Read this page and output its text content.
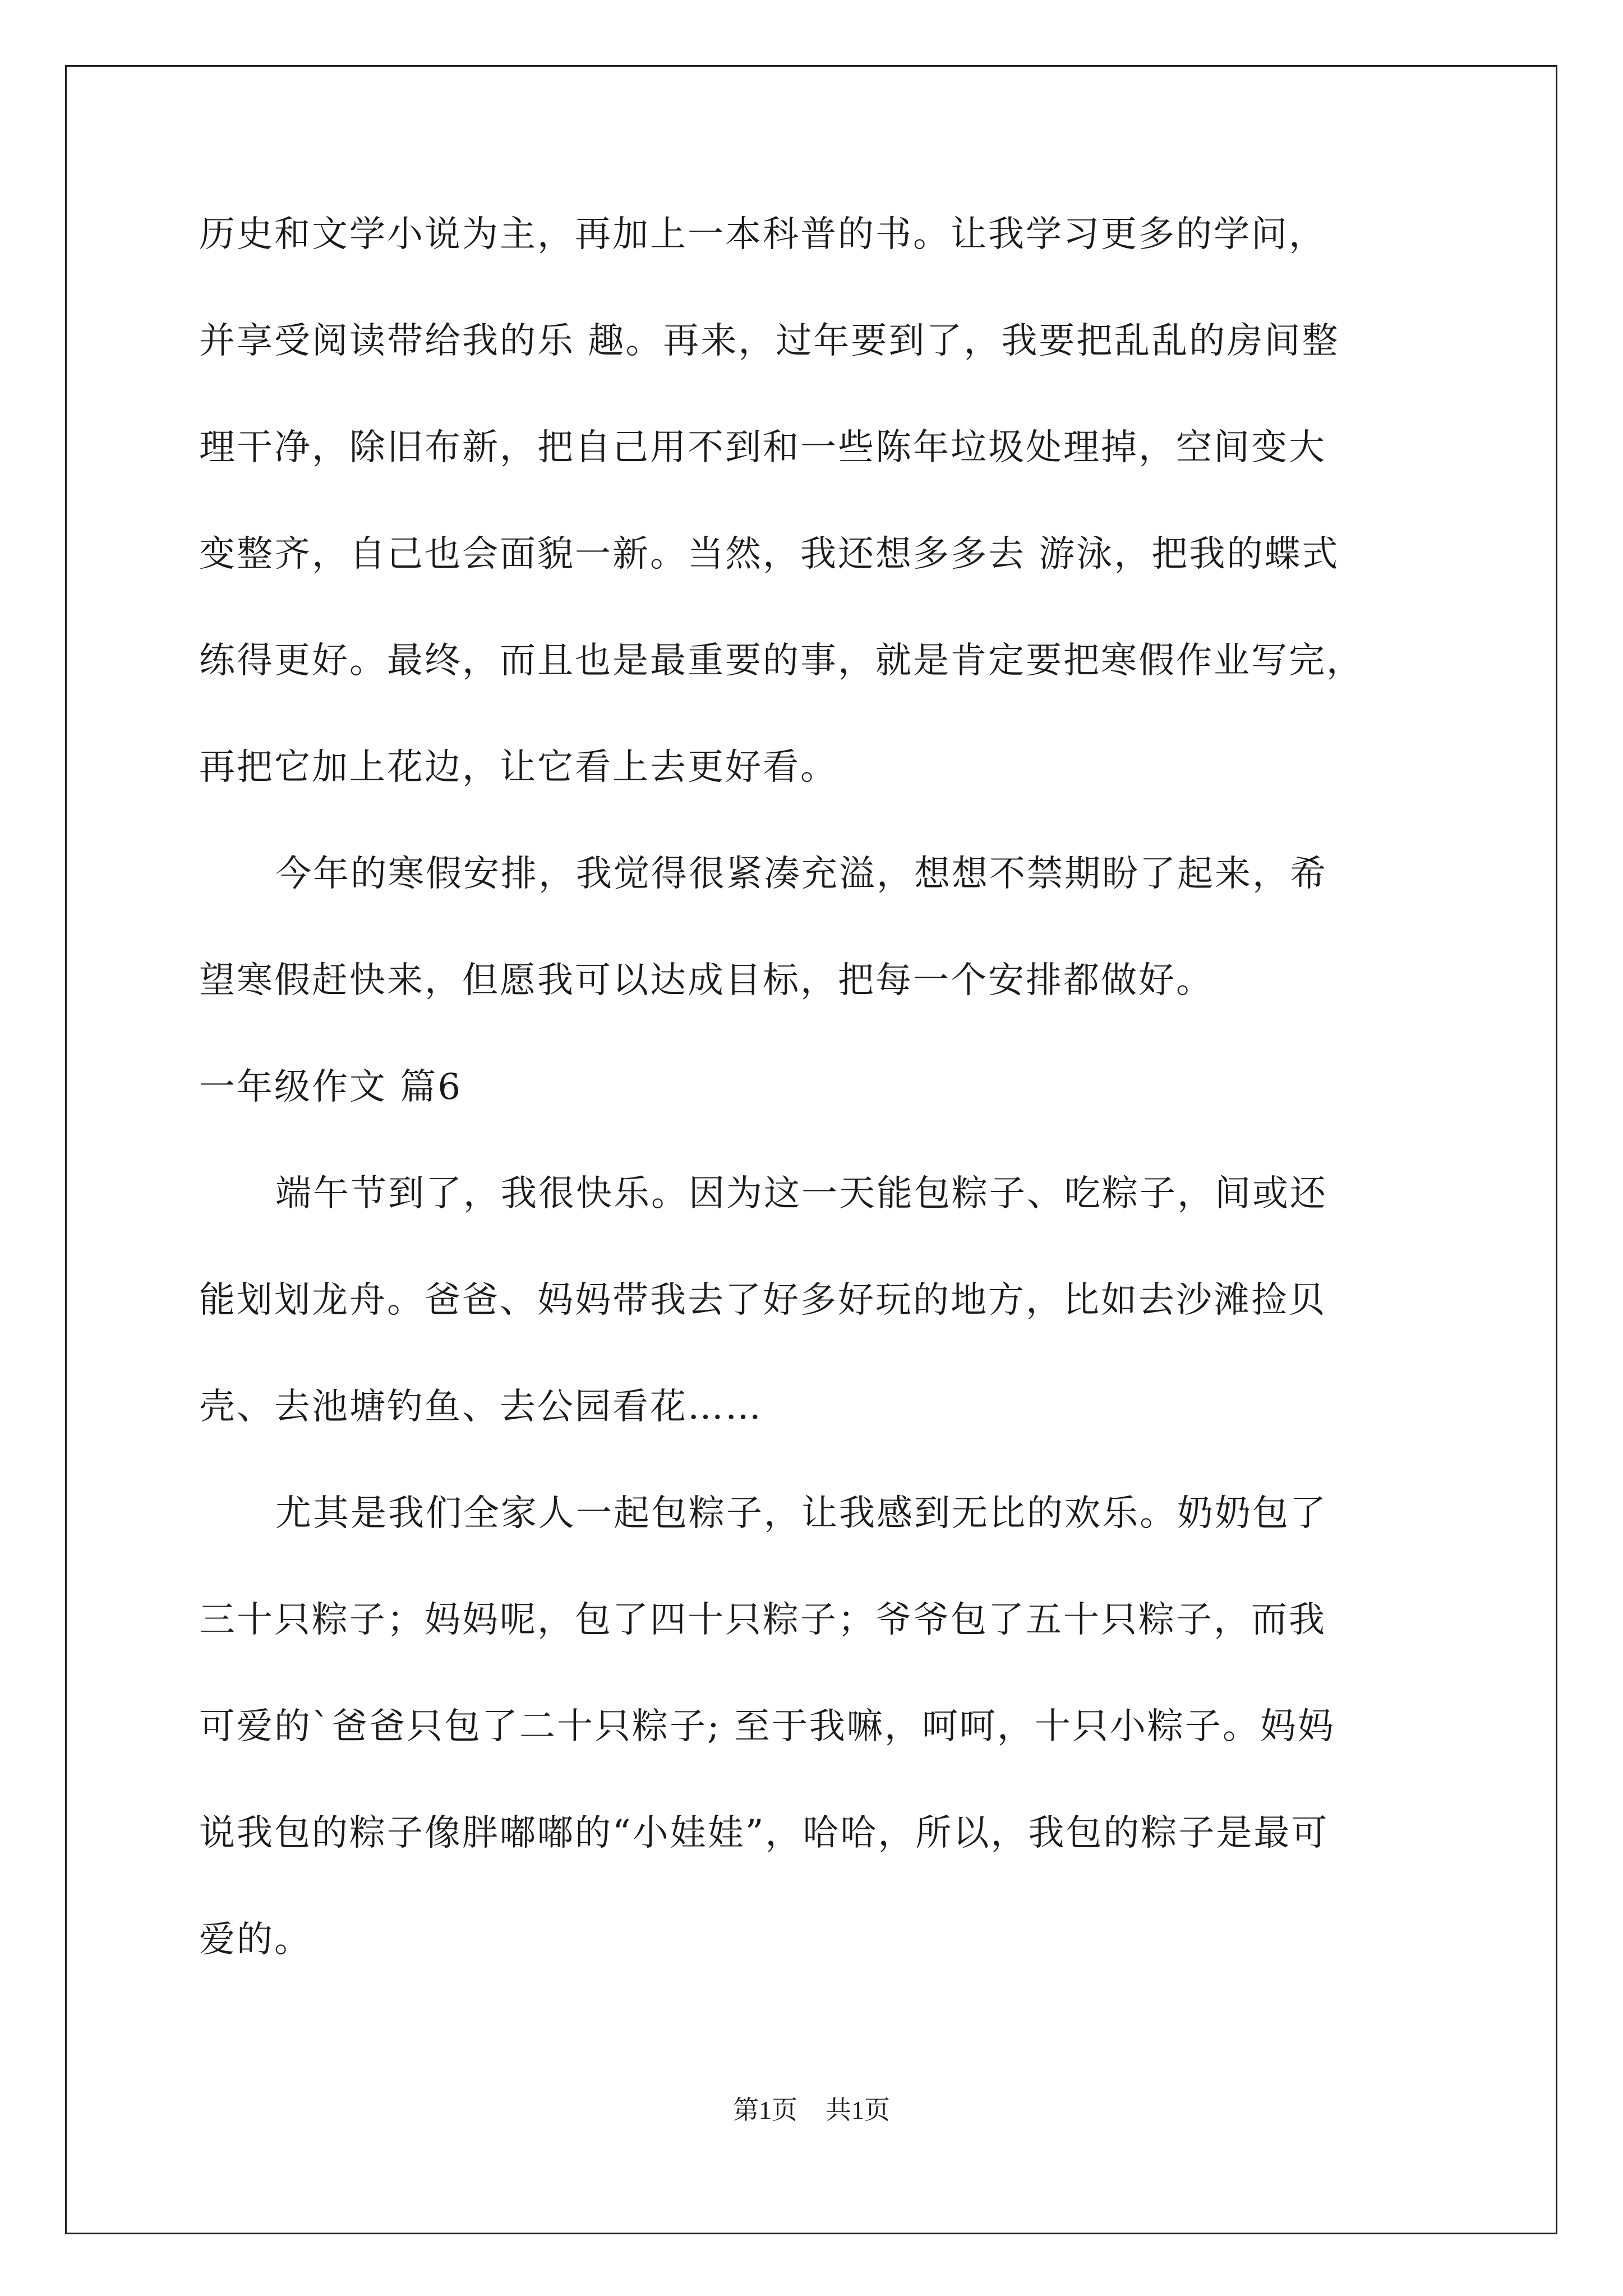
历史和文学小说为主，再加上一本科普的书。让我学习更多的学问，
并享受阅读带给我的乐 趣。再来，过年要到了，我要把乱乱的房间整
理干净，除旧布新，把自己用不到和一些陈年垃圾处理掉，空间变大
变整齐，自己也会面貌一新。当然，我还想多多去 游泳，把我的蝶式
练得更好。最终，而且也是最重要的事，就是肯定要把寒假作业写完，
再把它加上花边，让它看上去更好看。
今年的寒假安排，我觉得很紧凑充溢，想想不禁期盼了起来，希
望寒假赶快来，但愿我可以达成目标，把每一个安排都做好。
一年级作文 篇6
端午节到了，我很快乐。因为这一天能包粽子、吃粽子，间或还
能划划龙舟。爸爸、妈妈带我去了好多好玩的地方，比如去沙滩捡贝
壳、去池塘钓鱼、去公园看花……
尤其是我们全家人一起包粽子，让我感到无比的欢乐。奶奶包了
三十只粽子；妈妈呢，包了四十只粽子；爷爷包了五十只粽子，而我
可爱的`爸爸只包了二十只粽子; 至于我嘛，呵呵，十只小粽子。妈妈
说我包的粽子像胖嘟嘟的“小娃娃”，哈哈，所以，我包的粽子是最可
爱的。
第1页 共1页
